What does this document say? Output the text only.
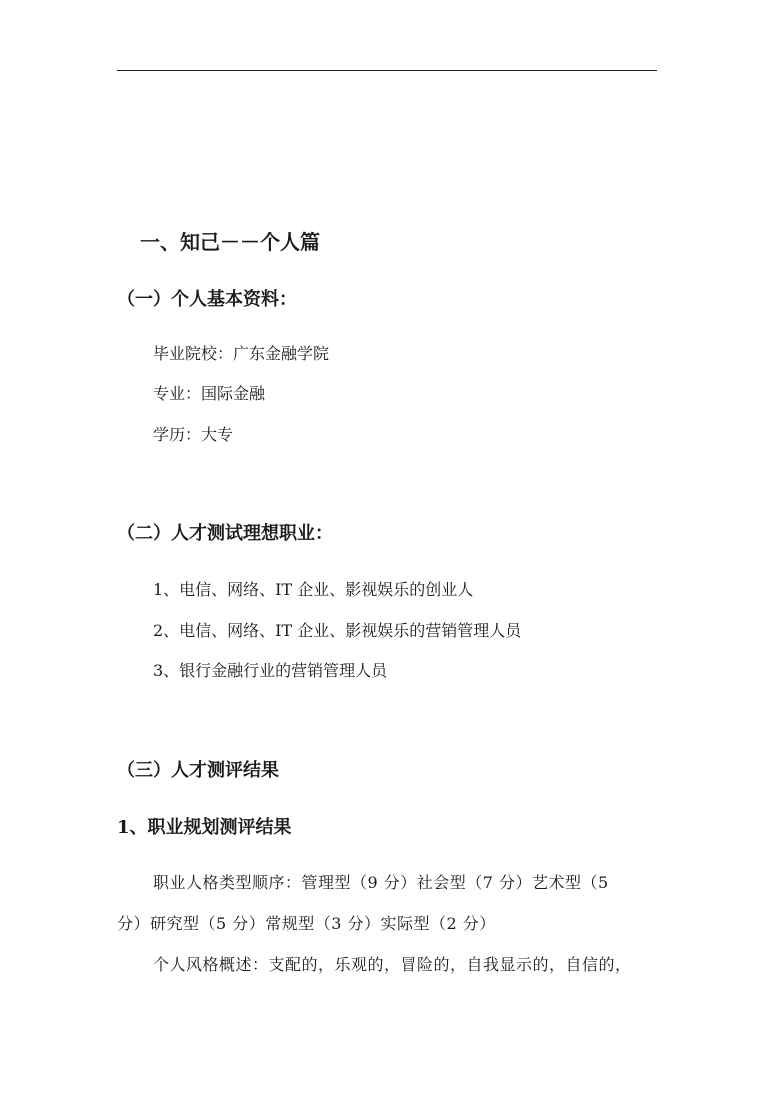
一、知己－－个人篇
（一）个人基本资料：

毕业院校：广东金融学院

专业：国际金融

学历：大专

（二）人才测试理想职业：

1、电信、网络、IT 企业、影视娱乐的创业人

2、电信、网络、IT 企业、影视娱乐的营销管理人员

3、银行金融行业的营销管理人员

（三）人才测评结果
1、职业规划测评结果

职业人格类型顺序：管理型（9 分）社会型（7 分）艺术型（5

分）研究型（5 分）常规型（3 分）实际型（2 分）

个人风格概述：支配的，乐观的，冒险的，自我显示的，自信的，
